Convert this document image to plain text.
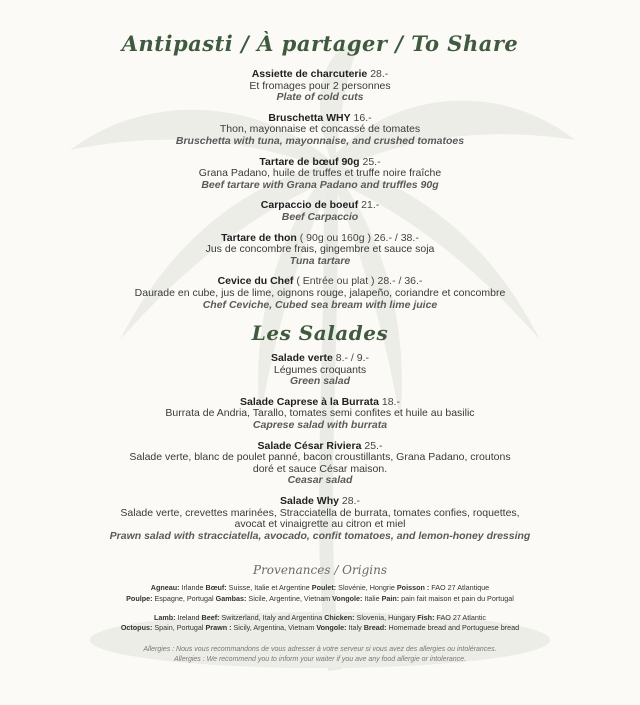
Antipasti / À partager / To Share
Assiette de charcuterie 28.-
Et fromages pour 2 personnes
Plate of cold cuts
Bruschetta WHY 16.-
Thon, mayonnaise et concassé de tomates
Bruschetta with tuna, mayonnaise, and crushed tomatoes
Tartare de bœuf 90g 25.-
Grana Padano, huile de truffes et truffe noire fraîche
Beef tartare with Grana Padano and truffles 90g
Carpaccio de boeuf 21.-
Beef Carpaccio
Tartare de thon ( 90g ou 160g ) 26.- / 38.-
Jus de concombre frais, gingembre et sauce soja
Tuna tartare
Cevice du Chef ( Entrée ou plat ) 28.- / 36.-
Daurade en cube, jus de lime, oignons rouge, jalapeño, coriandre et concombre
Chef Ceviche, Cubed sea bream with lime juice
Les Salades
Salade verte 8.- / 9.-
Légumes croquants
Green salad
Salade Caprese à la Burrata 18.-
Burrata de Andria, Tarallo, tomates semi confites et huile au basilic
Caprese salad with burrata
Salade César Riviera 25.-
Salade verte, blanc de poulet panné, bacon croustillants, Grana Padano, croutons
doré et sauce César maison.
Ceasar salad
Salade Why 28.-
Salade verte, crevettes marinées, Stracciatella de burrata, tomates confies, roquettes,
avocat et vinaigrette au citron et miel
Prawn salad with stracciatella, avocado, confit tomatoes, and lemon-honey dressing
Provenances / Origins
Agneau: Irlande Bœuf: Suisse, Italie et Argentine Poulet: Slovénie, Hongrie Poisson : FAO 27 Atlantique
Poulpe: Espagne, Portugal Gambas: Sicile, Argentine, Vietnam Vongole: Italie Pain: pain fait maison et pain du Portugal
Lamb: Ireland Beef: Switzerland, Italy and Argentina Chicken: Slovenia, Hungary Fish: FAO 27 Atlantic
Octopus: Spain, Portugal Prawn : Sicily, Argentina, Vietnam Vongole: Italy Bread: Homemade bread and Portuguese bread
Allergies : Nous vous recommandons de vous adresser à votre serveur si vous avez des allergies ou intolérances.
Allergies : We recommend you to inform your waiter if you ave any food allergie or intolerance.
